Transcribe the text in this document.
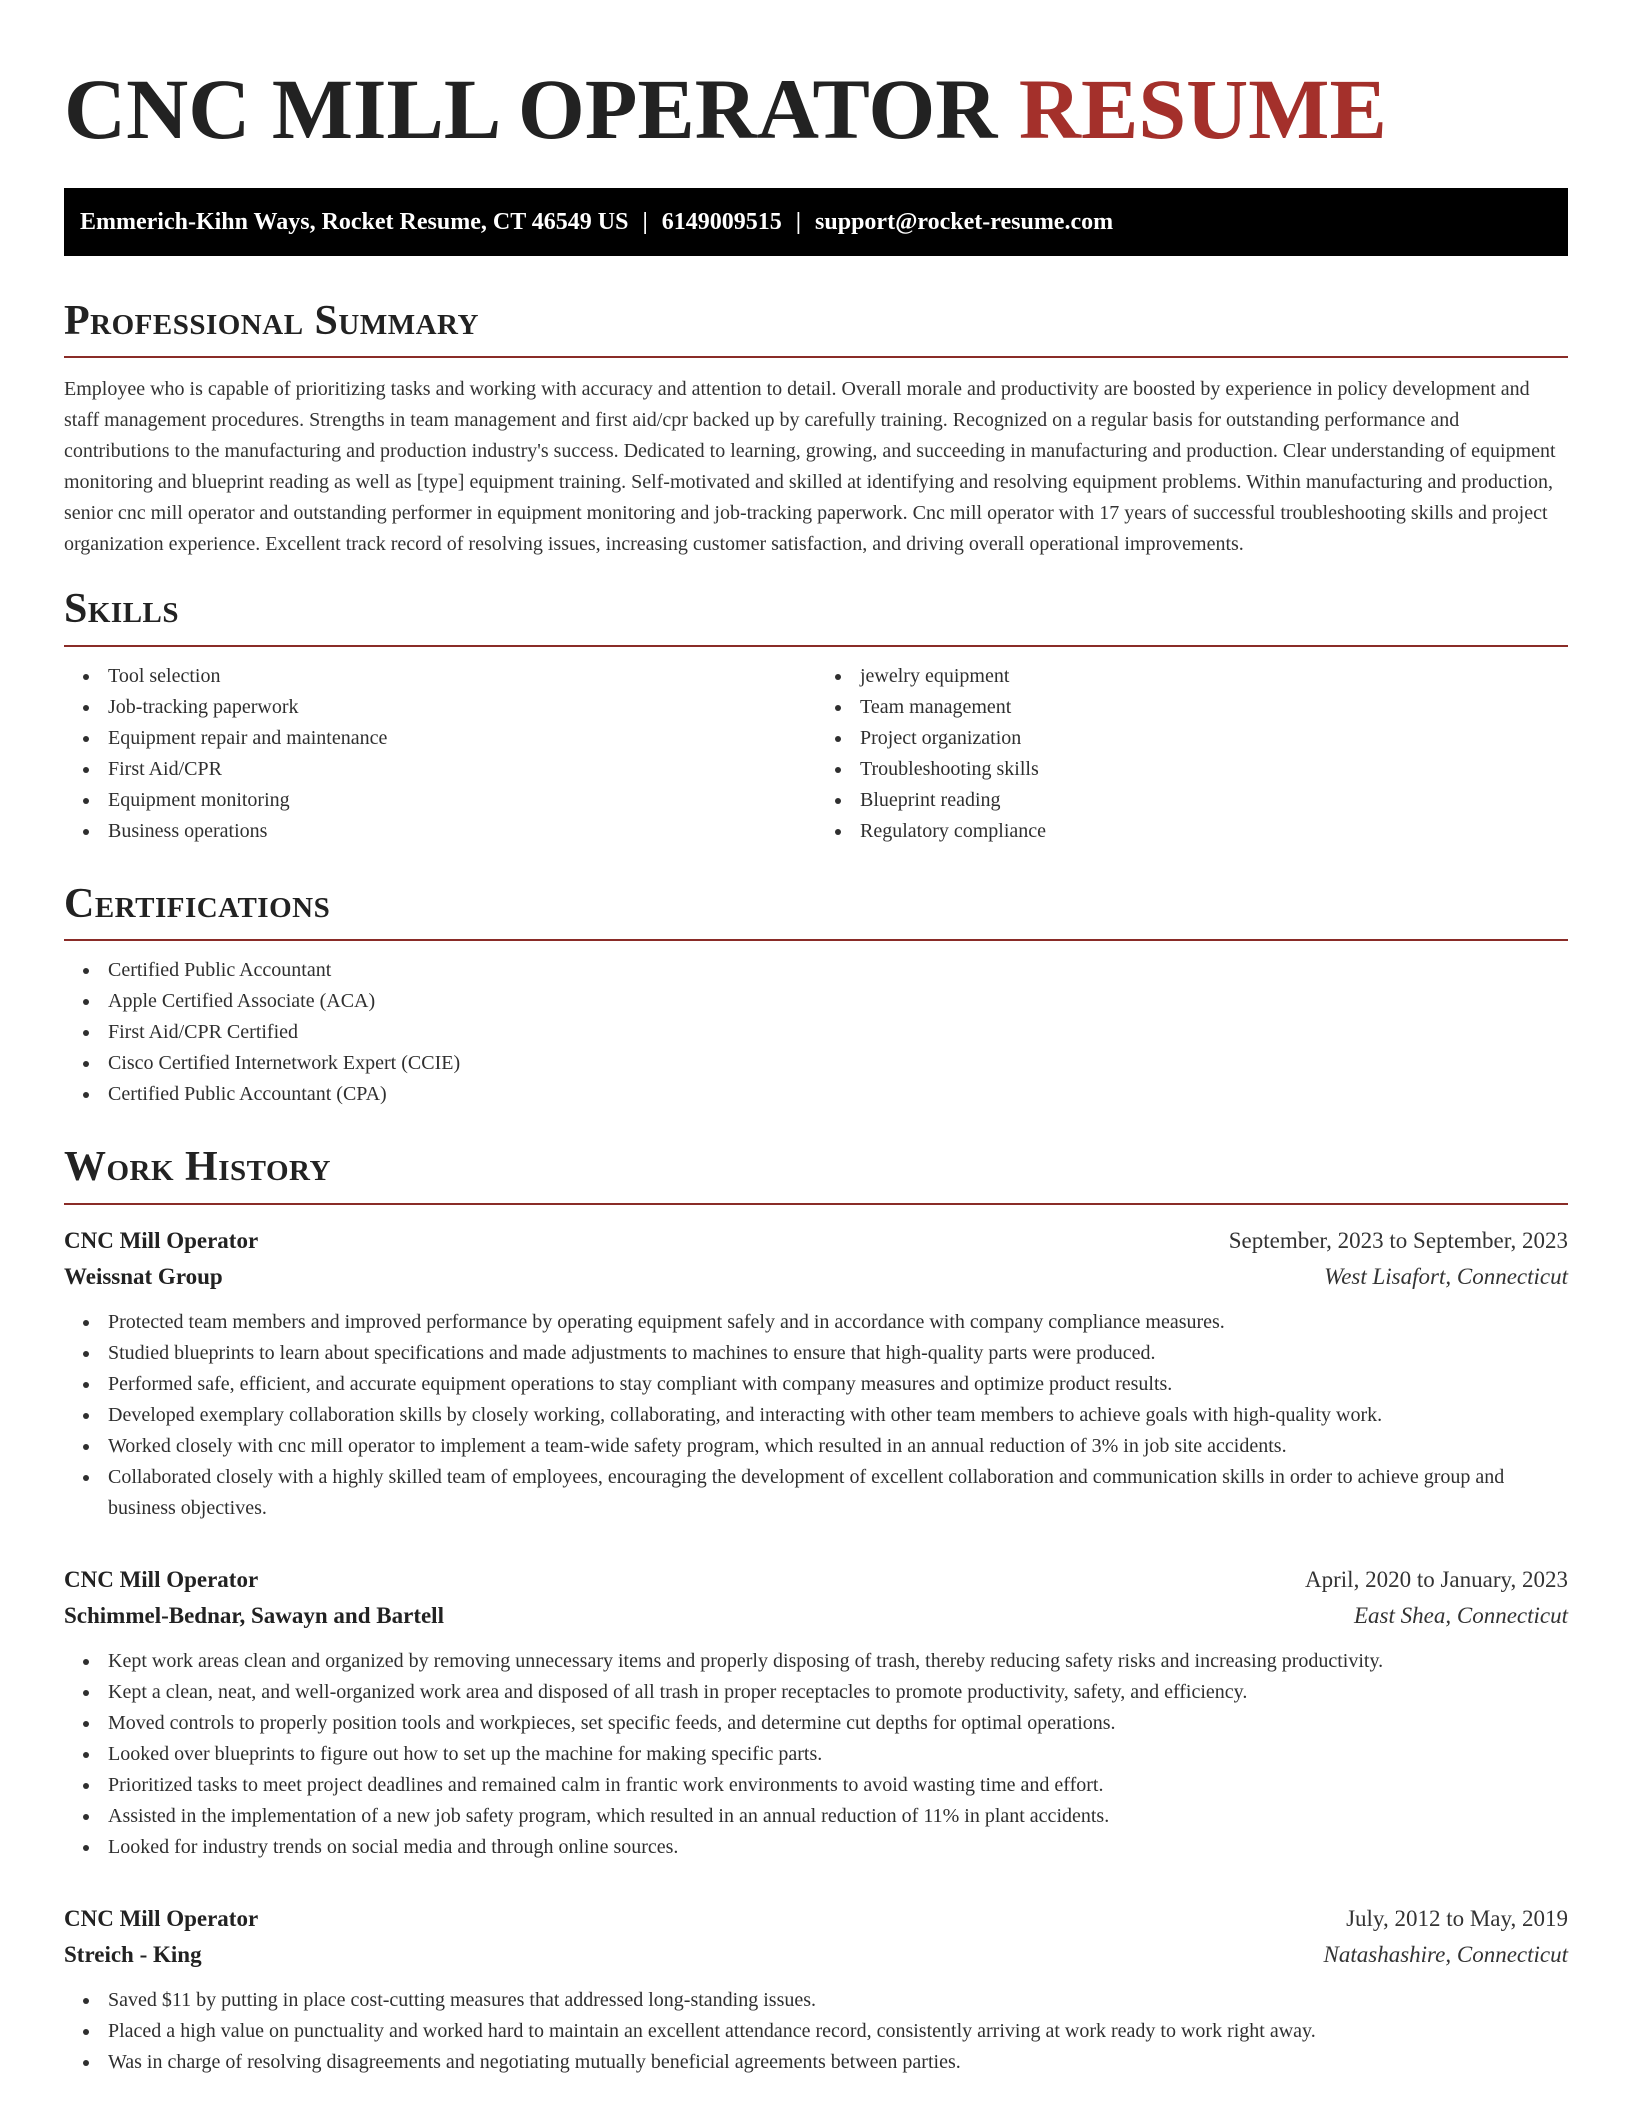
CNC MILL OPERATOR RESUME
Emmerich-Kihn Ways, Rocket Resume, CT 46549 US | 6149009515 | support@rocket-resume.com
Professional Summary

Employee who is capable of prioritizing tasks and working with accuracy and attention to detail. Overall morale and productivity are boosted by experience in policy development and staff management procedures. Strengths in team management and first aid/cpr backed up by carefully training. Recognized on a regular basis for outstanding performance and contributions to the manufacturing and production industry's success. Dedicated to learning, growing, and succeeding in manufacturing and production. Clear understanding of equipment monitoring and blueprint reading as well as [type] equipment training. Self-motivated and skilled at identifying and resolving equipment problems. Within manufacturing and production, senior cnc mill operator and outstanding performer in equipment monitoring and job-tracking paperwork. Cnc mill operator with 17 years of successful troubleshooting skills and project organization experience. Excellent track record of resolving issues, increasing customer satisfaction, and driving overall operational improvements.

Skills
Tool selection
Job-tracking paperwork
Equipment repair and maintenance
First Aid/CPR
Equipment monitoring
Business operations
jewelry equipment
Team management
Project organization
Troubleshooting skills
Blueprint reading
Regulatory compliance
Certifications
Certified Public Accountant
Apple Certified Associate (ACA)
First Aid/CPR Certified
Cisco Certified Internetwork Expert (CCIE)
Certified Public Accountant (CPA)
Work History
CNC Mill Operator	September, 2023 to September, 2023
Weissnat Group	West Lisafort, Connecticut
Protected team members and improved performance by operating equipment safely and in accordance with company compliance measures.
Studied blueprints to learn about specifications and made adjustments to machines to ensure that high-quality parts were produced.
Performed safe, efficient, and accurate equipment operations to stay compliant with company measures and optimize product results.
Developed exemplary collaboration skills by closely working, collaborating, and interacting with other team members to achieve goals with high-quality work.
Worked closely with cnc mill operator to implement a team-wide safety program, which resulted in an annual reduction of 3% in job site accidents.
Collaborated closely with a highly skilled team of employees, encouraging the development of excellent collaboration and communication skills in order to achieve group and business objectives.
CNC Mill Operator	April, 2020 to January, 2023
Schimmel-Bednar, Sawayn and Bartell	East Shea, Connecticut
Kept work areas clean and organized by removing unnecessary items and properly disposing of trash, thereby reducing safety risks and increasing productivity.
Kept a clean, neat, and well-organized work area and disposed of all trash in proper receptacles to promote productivity, safety, and efficiency.
Moved controls to properly position tools and workpieces, set specific feeds, and determine cut depths for optimal operations.
Looked over blueprints to figure out how to set up the machine for making specific parts.
Prioritized tasks to meet project deadlines and remained calm in frantic work environments to avoid wasting time and effort.
Assisted in the implementation of a new job safety program, which resulted in an annual reduction of 11% in plant accidents.
Looked for industry trends on social media and through online sources.
CNC Mill Operator	July, 2012 to May, 2019
Streich - King	Natashashire, Connecticut
Saved $11 by putting in place cost-cutting measures that addressed long-standing issues.
Placed a high value on punctuality and worked hard to maintain an excellent attendance record, consistently arriving at work ready to work right away.
Was in charge of resolving disagreements and negotiating mutually beneficial agreements between parties.
